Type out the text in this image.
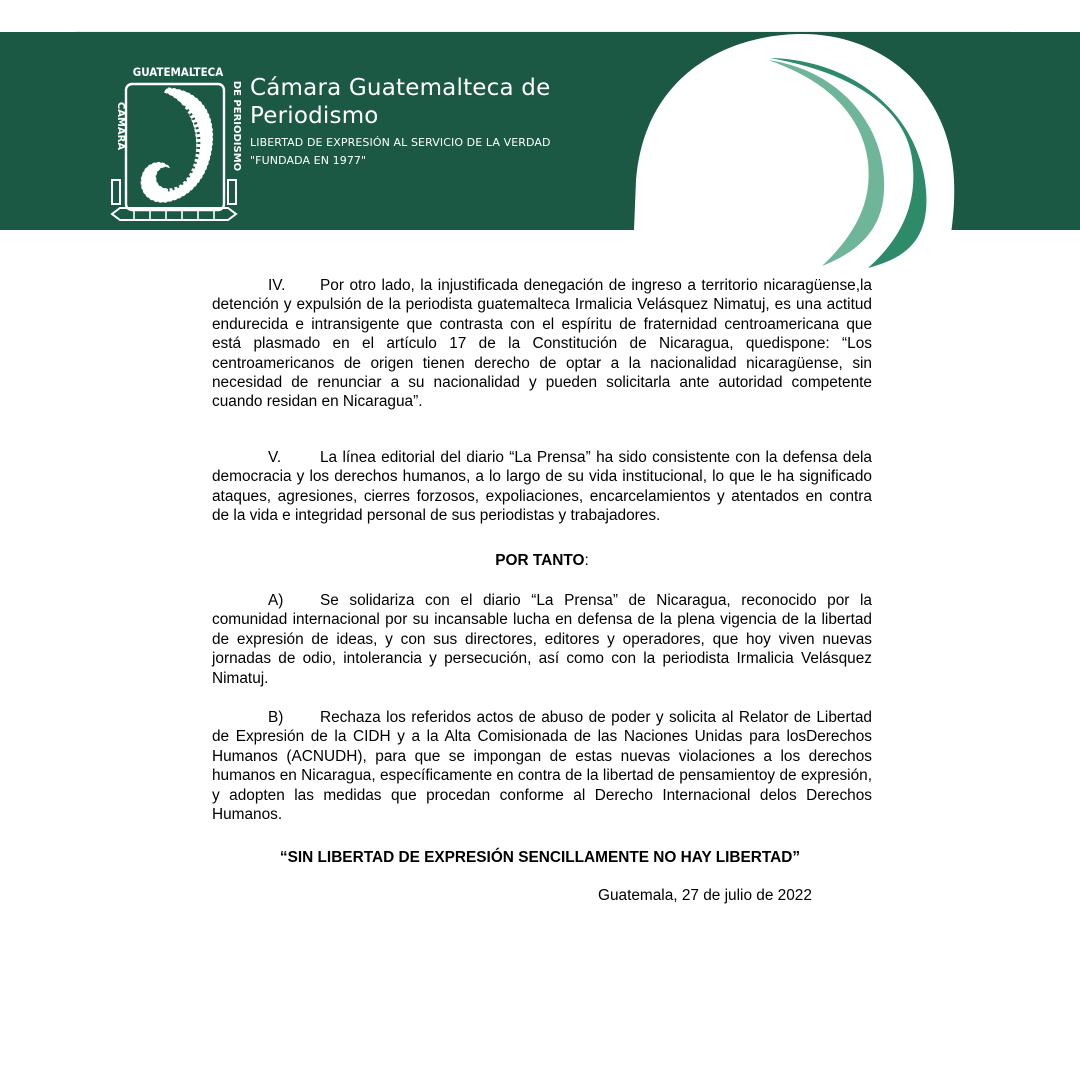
GUATEMALTECA
CÁMARA	DE PERIODISMO Cámara Guatemalteca de
Periodismo
LIBERTAD DE EXPRESIÓN AL SERVICIO DE LA VERDAD
"FUNDADA EN 1977"

IV. Por otro lado, la injustificada denegación de ingreso a territorio nicaragüense,la detención y expulsión de la periodista guatemalteca Irmalicia Velásquez Nimatuj, es una actitud endurecida e intransigente que contrasta con el espíritu de fraternidad centroamericana que está plasmado en el artículo 17 de la Constitución de Nicaragua, quedispone: “Los centroamericanos de origen tienen derecho de optar a la nacionalidad nicaragüense, sin necesidad de renunciar a su nacionalidad y pueden solicitarla ante autoridad competente cuando residan en Nicaragua”.

V.	La línea editorial del diario “La Prensa” ha sido consistente con la defensa dela democracia y los derechos humanos, a lo largo de su vida institucional, lo que le ha significado ataques, agresiones, cierres forzosos, expoliaciones, encarcelamientos y atentados en contra de la vida e integridad personal de sus periodistas y trabajadores.

POR TANTO:

A) Se solidariza con el diario “La Prensa” de Nicaragua, reconocido por la comunidad internacional por su incansable lucha en defensa de la plena vigencia de la libertad de expresión de ideas, y con sus directores, editores y operadores, que hoy viven nuevas jornadas de odio, intolerancia y persecución, así como con la periodista Irmalicia Velásquez Nimatuj.

B) Rechaza los referidos actos de abuso de poder y solicita al Relator de Libertad de Expresión de la CIDH y a la Alta Comisionada de las Naciones Unidas para losDerechos Humanos (ACNUDH), para que se impongan de estas nuevas violaciones a los derechos humanos en Nicaragua, específicamente en contra de la libertad de pensamientoy de expresión, y adopten las medidas que procedan conforme al Derecho Internacional delos Derechos Humanos.

“SIN LIBERTAD DE EXPRESIÓN SENCILLAMENTE NO HAY LIBERTAD”

Guatemala, 27 de julio de 2022
